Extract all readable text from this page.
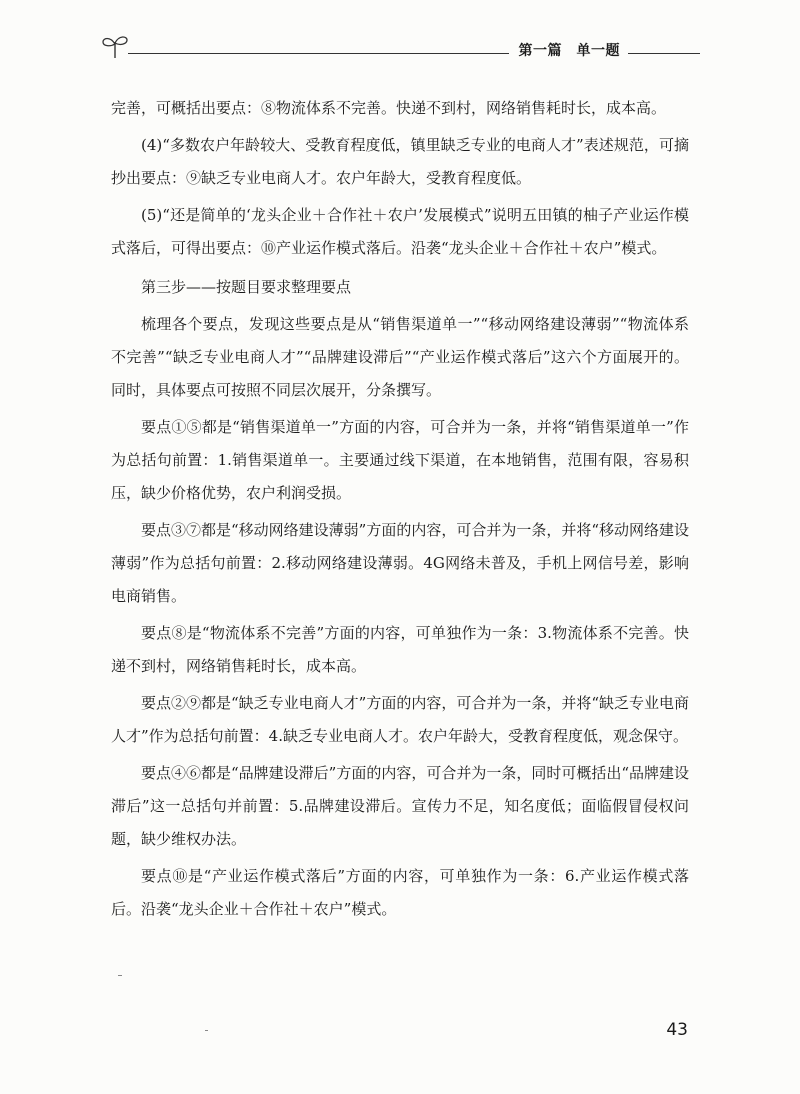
第一篇　单一题

完善，可概括出要点：⑧物流体系不完善。快递不到村，网络销售耗时长，成本高。

(4)“多数农户年龄较大、受教育程度低，镇里缺乏专业的电商人才”表述规范，可摘抄出要点：⑨缺乏专业电商人才。农户年龄大，受教育程度低。

(5)“还是简单的‘龙头企业＋合作社＋农户’发展模式”说明五田镇的柚子产业运作模式落后，可得出要点：⑩产业运作模式落后。沿袭“龙头企业＋合作社＋农户”模式。

第三步——按题目要求整理要点

梳理各个要点，发现这些要点是从“销售渠道单一”“移动网络建设薄弱”“物流体系不完善”“缺乏专业电商人才”“品牌建设滞后”“产业运作模式落后”这六个方面展开的。同时，具体要点可按照不同层次展开，分条撰写。

要点①⑤都是“销售渠道单一”方面的内容，可合并为一条，并将“销售渠道单一”作为总括句前置：1.销售渠道单一。主要通过线下渠道，在本地销售，范围有限，容易积压，缺少价格优势，农户利润受损。

要点③⑦都是“移动网络建设薄弱”方面的内容，可合并为一条，并将“移动网络建设薄弱”作为总括句前置：2.移动网络建设薄弱。4G网络未普及，手机上网信号差，影响电商销售。

要点⑧是“物流体系不完善”方面的内容，可单独作为一条：3.物流体系不完善。快递不到村，网络销售耗时长，成本高。

要点②⑨都是“缺乏专业电商人才”方面的内容，可合并为一条，并将“缺乏专业电商人才”作为总括句前置：4.缺乏专业电商人才。农户年龄大，受教育程度低，观念保守。

要点④⑥都是“品牌建设滞后”方面的内容，可合并为一条，同时可概括出“品牌建设滞后”这一总括句并前置：5.品牌建设滞后。宣传力不足，知名度低；面临假冒侵权问题，缺少维权办法。

要点⑩是“产业运作模式落后”方面的内容，可单独作为一条：6.产业运作模式落后。沿袭“龙头企业＋合作社＋农户”模式。

43
